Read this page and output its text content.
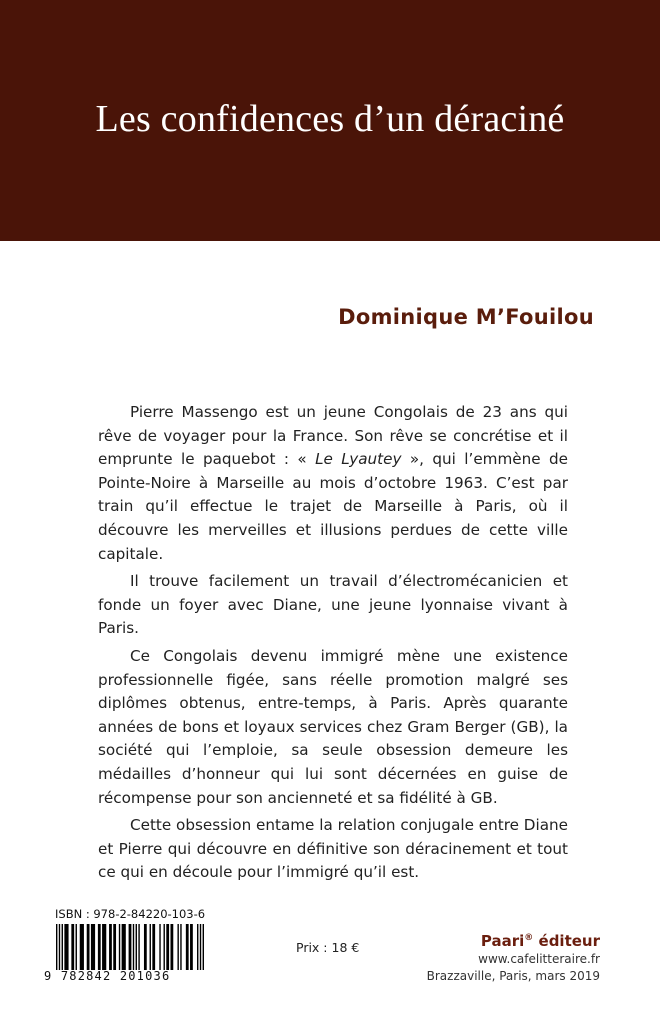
Les confidences d’un déraciné
Dominique M’Fouilou

Pierre Massengo est un jeune Congolais de 23 ans qui rêve de voyager pour la France. Son rêve se concrétise et il emprunte le paquebot : « Le Lyautey », qui l’emmène de Pointe-Noire à Marseille au mois d’octobre 1963. C’est par train qu’il effectue le trajet de Marseille à Paris, où il découvre les merveilles et illusions perdues de cette ville capitale.

Il trouve facilement un travail d’électromécanicien et fonde un foyer avec Diane, une jeune lyonnaise vivant à Paris.

Ce Congolais devenu immigré mène une existence professionnelle figée, sans réelle promotion malgré ses diplômes obtenus, entre-temps, à Paris. Après quarante années de bons et loyaux services chez Gram Berger (GB), la société qui l’emploie, sa seule obsession demeure les médailles d’honneur qui lui sont décernées en guise de récompense pour son ancienneté et sa fidélité à GB.

Cette obsession entame la relation conjugale entre Diane et Pierre qui découvre en définitive son déracinement et tout ce qui en découle pour l’immigré qu’il est.

ISBN : 978-2-84220-103-6
9 782842 201036
Prix : 18 €	Paari® éditeur
www.cafelitteraire.fr
Brazzaville, Paris, mars 2019
